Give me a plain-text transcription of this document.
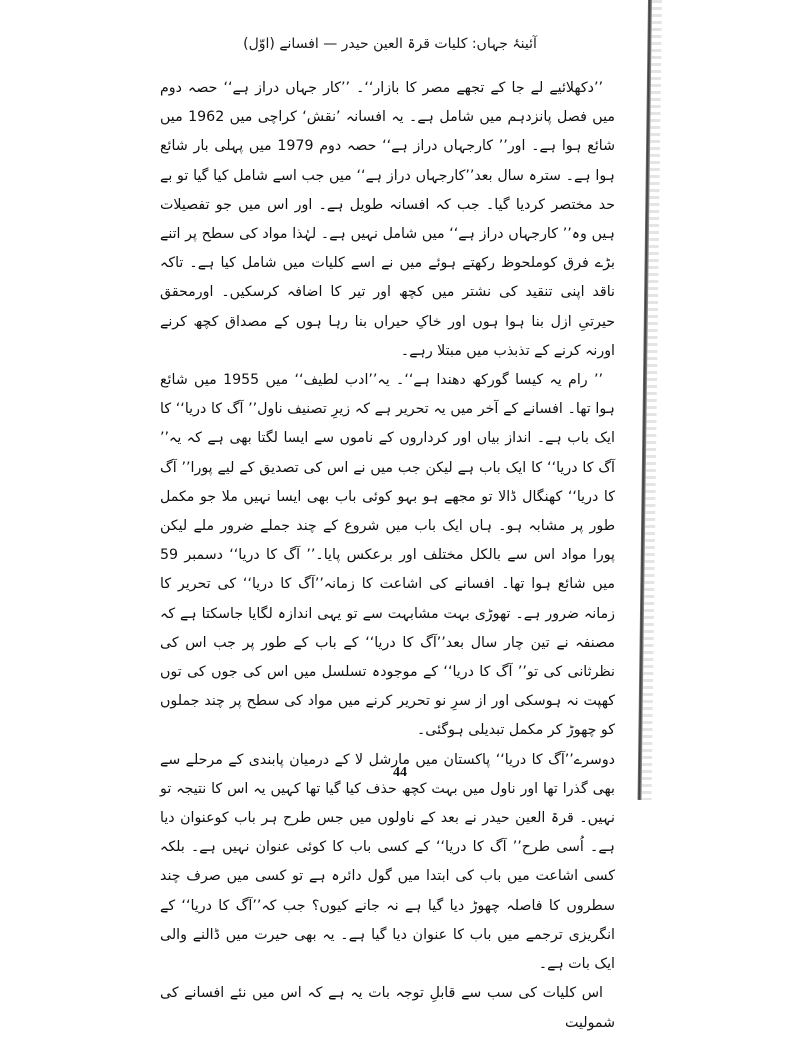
آئینۂ جہاں: کلیات قرۃ العین حیدر — افسانے (اوّل)

’’دکھلائیے لے جا کے تجھے مصر کا بازار‘‘۔ ’’کار جہاں دراز ہے‘‘ حصہ دوم میں فصل پانزدہم میں شامل ہے۔ یہ افسانہ ’نقش‘ کراچی میں 1962 میں شائع ہوا ہے۔ اور’’ کارجہاں دراز ہے‘‘ حصہ دوم 1979 میں پہلی بار شائع ہوا ہے۔ سترہ سال بعد’’کارجہاں دراز ہے‘‘ میں جب اسے شامل کیا گیا تو بے حد مختصر کردیا گیا۔ جب کہ افسانہ طویل ہے۔ اور اس میں جو تفصیلات ہیں وہ’’ کارجہاں دراز ہے‘‘ میں شامل نہیں ہے۔ لہٰذا مواد کی سطح پر اتنے بڑے فرق کوملحوظ رکھتے ہوئے میں نے اسے کلیات میں شامل کیا ہے۔ تاکہ ناقد اپنی تنقید کی نشتر میں کچھ اور تیر کا اضافہ کرسکیں۔ اورمحقق حیرتیِ ازل بنا ہوا ہوں اور خاکِ حیراں بنا رہا ہوں کے مصداق کچھ کرنے اورنہ کرنے کے تذبذب میں مبتلا رہے۔

’’ رام یہ کیسا گورکھ دھندا ہے‘‘۔ یہ’’ادب لطیف‘‘ میں 1955 میں شائع ہوا تھا۔ افسانے کے آخر میں یہ تحریر ہے کہ زیرِ تصنیف ناول’’ آگ کا دریا‘‘ کا ایک باب ہے۔ انداز بیاں اور کرداروں کے ناموں سے ایسا لگتا بھی ہے کہ یہ’’ آگ کا دریا‘‘ کا ایک باب ہے لیکن جب میں نے اس کی تصدیق کے لیے پورا’’ آگ کا دریا‘‘ کھنگال ڈالا تو مجھے ہو بہو کوئی باب بھی ایسا نہیں ملا جو مکمل طور پر مشابہ ہو۔ ہاں ایک باب میں شروع کے چند جملے ضرور ملے لیکن پورا مواد اس سے بالکل مختلف اور برعکس پایا۔’’ آگ کا دریا‘‘ دسمبر 59 میں شائع ہوا تھا۔ افسانے کی اشاعت کا زمانہ’’آگ کا دریا‘‘ کی تحریر کا زمانہ ضرور ہے۔ تھوڑی بہت مشابہت سے تو یہی اندازہ لگایا جاسکتا ہے کہ مصنفہ نے تین چار سال بعد’’آگ کا دریا‘‘ کے باب کے طور پر جب اس کی نظرثانی کی تو’’ آگ کا دریا‘‘ کے موجودہ تسلسل میں اس کی جوں کی توں کھپت نہ ہوسکی اور از سرِ نو تحریر کرنے میں مواد کی سطح پر چند جملوں کو چھوڑ کر مکمل تبدیلی ہوگئی۔

دوسرے’’آگ کا دریا‘‘ پاکستان میں مارشل لا کے درمیان پابندی کے مرحلے سے بھی گذرا تھا اور ناول میں بہت کچھ حذف کیا گیا تھا کہیں یہ اس کا نتیجہ تو نہیں۔ قرۃ العین حیدر نے بعد کے ناولوں میں جس طرح ہر باب کوعنوان دیا ہے۔ اُسی طرح’’ آگ کا دریا‘‘ کے کسی باب کا کوئی عنوان نہیں ہے۔ بلکہ کسی اشاعت میں باب کی ابتدا میں گول دائرہ ہے تو کسی میں صرف چند سطروں کا فاصلہ چھوڑ دیا گیا ہے نہ جانے کیوں؟ جب کہ’’آگ کا دریا‘‘ کے انگریزی ترجمے میں باب کا عنوان دیا گیا ہے۔ یہ بھی حیرت میں ڈالنے والی ایک بات ہے۔

اس کلیات کی سب سے قابلِ توجہ بات یہ ہے کہ اس میں نئے افسانے کی شمولیت

44
